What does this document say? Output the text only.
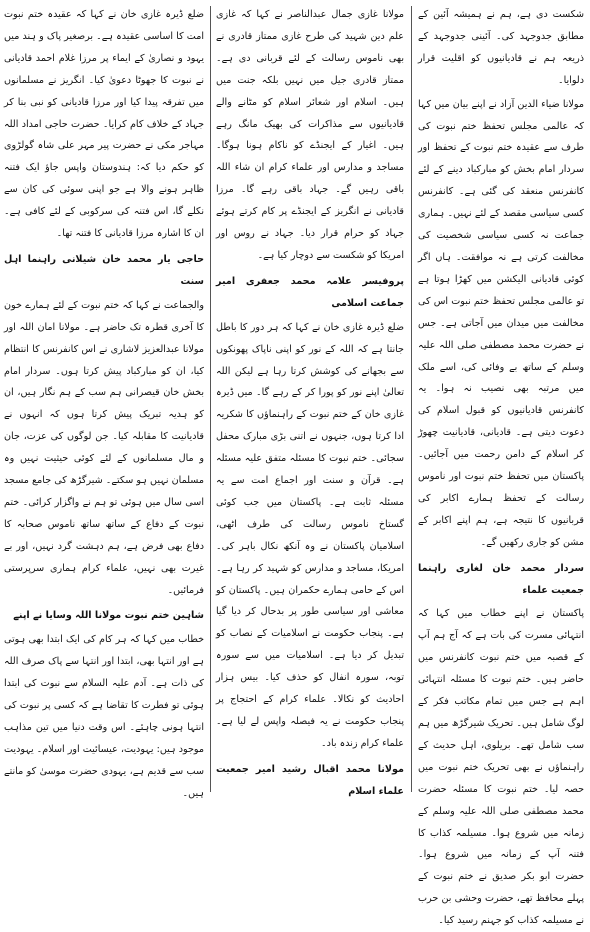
شکست دی ہے، ہم نے ہمیشہ آئین کے مطابق جدوجہد کی۔ آئینی جدوجہد کے ذریعہ ہم نے قادیانیوں کو اقلیت قرار دلوایا۔

مولانا ضیاء الدین آزاد نے اپنے بیان میں کہا کہ عالمی مجلس تحفظ ختم نبوت کی طرف سے عقیدہ ختم نبوت کے تحفظ اور سردار امام بخش کو مبارکباد دینے کے لئے کانفرنس منعقد کی گئی ہے۔ کانفرنس کسی سیاسی مقصد کے لئے نہیں۔ ہماری جماعت نہ کسی سیاسی شخصیت کی مخالفت کرتی ہے نہ موافقت۔ ہاں اگر کوئی قادیانی الیکشن میں کھڑا ہوتا ہے تو عالمی مجلس تحفظ ختم نبوت اس کی مخالفت میں میدان میں آجاتی ہے۔ جس نے حضرت محمد مصطفی صلی اللہ علیہ وسلم کے ساتھ بے وفائی کی، اسے ملک میں مرتبہ بھی نصیب نہ ہوا۔ یہ کانفرنس قادیانیوں کو قبول اسلام کی دعوت دیتی ہے۔ قادیانی، قادیانیت چھوڑ کر اسلام کے دامن رحمت میں آجائیں۔ پاکستان میں تحفظ ختم نبوت اور ناموس رسالت کے تحفظ ہمارے اکابر کی قربانیوں کا نتیجہ ہے، ہم اپنے اکابر کے مشن کو جاری رکھیں گے۔

سردار محمد خان لغاری راہنما جمعیت علماء

پاکستان نے اپنے خطاب میں کہا کہ انتہائی مسرت کی بات ہے کہ آج ہم آپ کے قصبہ میں ختم نبوت کانفرنس میں حاضر ہیں۔ ختم نبوت کا مسئلہ انتہائی اہم ہے جس میں تمام مکاتب فکر کے لوگ شامل ہیں۔ تحریک شیرگڑھ میں ہم سب شامل تھے۔ بریلوی، اہل حدیث کے راہنماؤں نے بھی تحریک ختم نبوت میں حصہ لیا۔ ختم نبوت کا مسئلہ حضرت محمد مصطفی صلی اللہ علیہ وسلم کے زمانہ میں شروع ہوا۔ مسیلمہ کذاب کا فتنہ آپ کے زمانہ میں شروع ہوا۔ حضرت ابو بکر صدیق نے ختم نبوت کے پہلے محافظ تھے، حضرت وحشی بن حرب نے مسیلمہ کذاب کو جہنم رسید کیا۔

مولانا غازی جمال عبدالناصر نے کہا کہ غازی علم دین شہید کی طرح غازی ممتاز قادری نے بھی ناموس رسالت کے لئے قربانی دی ہے۔ ممتاز قادری جیل میں نہیں بلکہ جنت میں ہیں۔ اسلام اور شعائر اسلام کو مٹانے والے قادیانیوں سے مذاکرات کی بھیک مانگ رہے ہیں۔ اغیار کے ایجنڈے کو ناکام ہونا ہوگا۔ مساجد و مدارس اور علماء کرام ان شاء اللہ باقی رہیں گے۔ جہاد باقی رہے گا۔ مرزا قادیانی نے انگریز کے ایجنڈے پر کام کرتے ہوئے جہاد کو حرام قرار دیا۔ جہاد نے روس اور امریکا کو شکست سے دوچار کیا ہے۔

پروفیسر علامہ محمد جعفری امیر جماعت اسلامی

ضلع ڈیرہ غازی خان نے کہا کہ ہر دور کا باطل جانتا ہے کہ اللہ کے نور کو اپنی ناپاک پھونکوں سے بجھانے کی کوشش کرتا رہا ہے لیکن اللہ تعالیٰ اپنے نور کو پورا کر کے رہے گا۔ میں ڈیرہ غازی خان کے ختم نبوت کے راہنماؤں کا شکریہ ادا کرتا ہوں، جنہوں نے اتنی بڑی مبارک محفل سجائی۔ ختم نبوت کا مسئلہ متفق علیہ مسئلہ ہے۔ قرآن و سنت اور اجماع امت سے یہ مسئلہ ثابت ہے۔ پاکستان میں جب کوئی گستاخ ناموس رسالت کی طرف اٹھی، اسلامیان پاکستان نے وہ آنکھ نکال باہر کی۔ امریکا، مساجد و مدارس کو شہید کر رہا ہے۔ اس کے حامی ہمارے حکمران ہیں۔ پاکستان کو معاشی اور سیاسی طور پر بدحال کر دیا گیا ہے۔ پنجاب حکومت نے اسلامیات کے نصاب کو تبدیل کر دیا ہے۔ اسلامیات میں سے سورہ توبہ، سورہ انفال کو حذف کیا۔ بیس ہزار احادیث کو نکالا۔ علماء کرام کے احتجاج پر پنجاب حکومت نے یہ فیصلہ واپس لے لیا ہے۔ علماء کرام زندہ باد۔

مولانا محمد اقبال رشید امیر جمعیت علماء اسلام

ضلع ڈیرہ غازی خان نے کہا کہ عقیدہ ختم نبوت امت کا اساسی عقیدہ ہے۔ برصغیر پاک و ہند میں یہود و نصاریٰ کے ایماء پر مرزا غلام احمد قادیانی نے نبوت کا جھوٹا دعویٰ کیا۔ انگریز نے مسلمانوں میں تفرقہ پیدا کیا اور مرزا قادیانی کو نبی بنا کر جہاد کے خلاف کام کرایا۔ حضرت حاجی امداد اللہ مہاجر مکی نے حضرت پیر مہر علی شاہ گولڑوی کو حکم دیا کہ: ہندوستان واپس جاؤ ایک فتنہ ظاہر ہونے والا ہے جو اپنی سوئی کی کان سے نکلے گا، اس فتنہ کی سرکوبی کے لئے کافی ہے۔ ان کا اشارہ مرزا قادیانی کا فتنہ تھا۔

حاجی یار محمد خان شیلانی راہنما اہل سنت

والجماعت نے کہا کہ ختم نبوت کے لئے ہمارے خون کا آخری قطرہ تک حاضر ہے۔ مولانا امان اللہ اور مولانا عبدالعزیز لاشاری نے اس کانفرنس کا انتظام کیا، ان کو مبارکباد پیش کرتا ہوں۔ سردار امام بخش خان قیصرانی ہم سب کے ہم نگار ہیں، ان کو ہدیہ تبریک پیش کرتا ہوں کہ انہوں نے قادیانیت کا مقابلہ کیا۔ جن لوگوں کی عزت، جان و مال مسلمانوں کے لئے کوئی حیثیت نہیں وہ مسلمان نہیں ہو سکتے۔ شیرگڑھ کی جامع مسجد اسی سال میں ہوئی تو ہم نے واگزار کرائی۔ ختم نبوت کے دفاع کے ساتھ ساتھ ناموس صحابہ کا دفاع بھی فرض ہے، ہم دہشت گرد نہیں، اور بے غیرت بھی نہیں، علماء کرام ہماری سرپرستی فرمائیں۔

شاہین ختم نبوت مولانا اللہ وسایا نے اپنے

خطاب میں کہا کہ ہر کام کی ایک ابتدا بھی ہوتی ہے اور انتہا بھی، ابتدا اور انتہا سے پاک صرف اللہ کی ذات ہے۔ آدم علیہ السلام سے نبوت کی ابتدا ہوئی تو فطرت کا تقاضا ہے کہ کسی پر نبوت کی انتہا ہونی چاہئے۔ اس وقت دنیا میں تین مذاہب موجود ہیں: یہودیت، عیسائیت اور اسلام۔ یہودیت سب سے قدیم ہے، یہودی حضرت موسیٰ کو مانتے ہیں۔
